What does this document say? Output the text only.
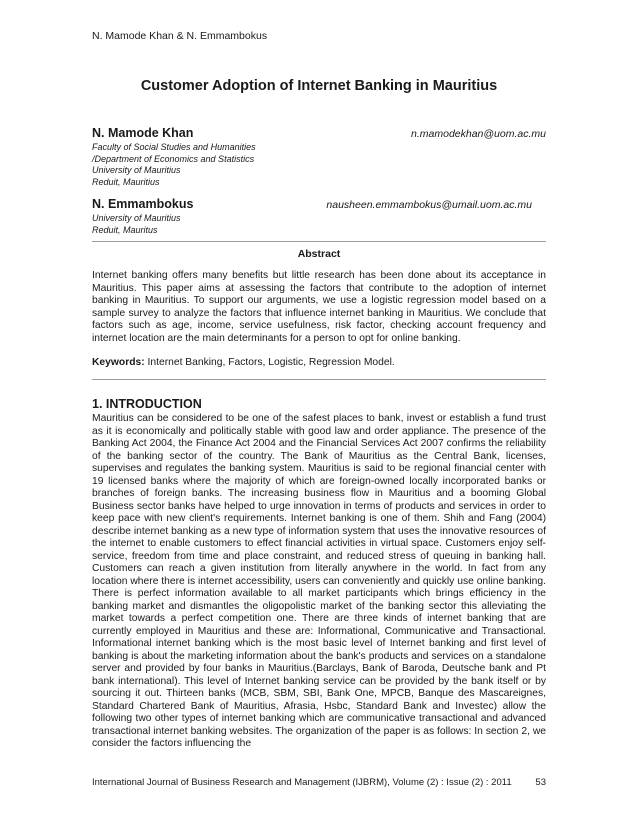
N. Mamode Khan & N. Emmambokus
Customer Adoption of Internet Banking in Mauritius
N. Mamode Khan	n.mamodekhan@uom.ac.mu
Faculty of Social Studies and Humanities
/Department of Economics and Statistics
University of Mauritius
Reduit, Mauritius
N. Emmambokus	nausheen.emmambokus@umail.uom.ac.mu
University of Mauritius
Reduit, Mauritus
Abstract
Internet banking offers many benefits but little research has been done about its acceptance in Mauritius. This paper aims at assessing the factors that contribute to the adoption of internet banking in Mauritius. To support our arguments, we use a logistic regression model based on a sample survey to analyze the factors that influence internet banking in Mauritius. We conclude that factors such as age, income, service usefulness, risk factor, checking account frequency and internet location are the main determinants for a person to opt for online banking.
Keywords: Internet Banking, Factors, Logistic, Regression Model.
1. INTRODUCTION
Mauritius can be considered to be one of the safest places to bank, invest or establish a fund trust as it is economically and politically stable with good law and order appliance. The presence of the Banking Act 2004, the Finance Act 2004 and the Financial Services Act 2007 confirms the reliability of the banking sector of the country. The Bank of Mauritius as the Central Bank, licenses, supervises and regulates the banking system. Mauritius is said to be regional financial center with 19 licensed banks where the majority of which are foreign-owned locally incorporated banks or branches of foreign banks. The increasing business flow in Mauritius and a booming Global Business sector banks have helped to urge innovation in terms of products and services in order to keep pace with new client's requirements. Internet banking is one of them. Shih and Fang (2004) describe internet banking as a new type of information system that uses the innovative resources of the internet to enable customers to effect financial activities in virtual space. Customers enjoy self-service, freedom from time and place constraint, and reduced stress of queuing in banking hall. Customers can reach a given institution from literally anywhere in the world. In fact from any location where there is internet accessibility, users can conveniently and quickly use online banking. There is perfect information available to all market participants which brings efficiency in the banking market and dismantles the oligopolistic market of the banking sector this alleviating the market towards a perfect competition one. There are three kinds of internet banking that are currently employed in Mauritius and these are: Informational, Communicative and Transactional. Informational internet banking which is the most basic level of Internet banking and first level of banking is about the marketing information about the bank's products and services on a standalone server and provided by four banks in Mauritius.(Barclays, Bank of Baroda, Deutsche bank and Pt bank international). This level of Internet banking service can be provided by the bank itself or by sourcing it out. Thirteen banks (MCB, SBM, SBI, Bank One, MPCB, Banque des Mascareignes, Standard Chartered Bank of Mauritius, Afrasia, Hsbc, Standard Bank and Investec) allow the following two other types of internet banking which are communicative transactional and advanced transactional internet banking websites. The organization of the paper is as follows: In section 2, we consider the factors influencing the
International Journal of Business Research and Management (IJBRM), Volume (2) : Issue (2) : 2011	53
